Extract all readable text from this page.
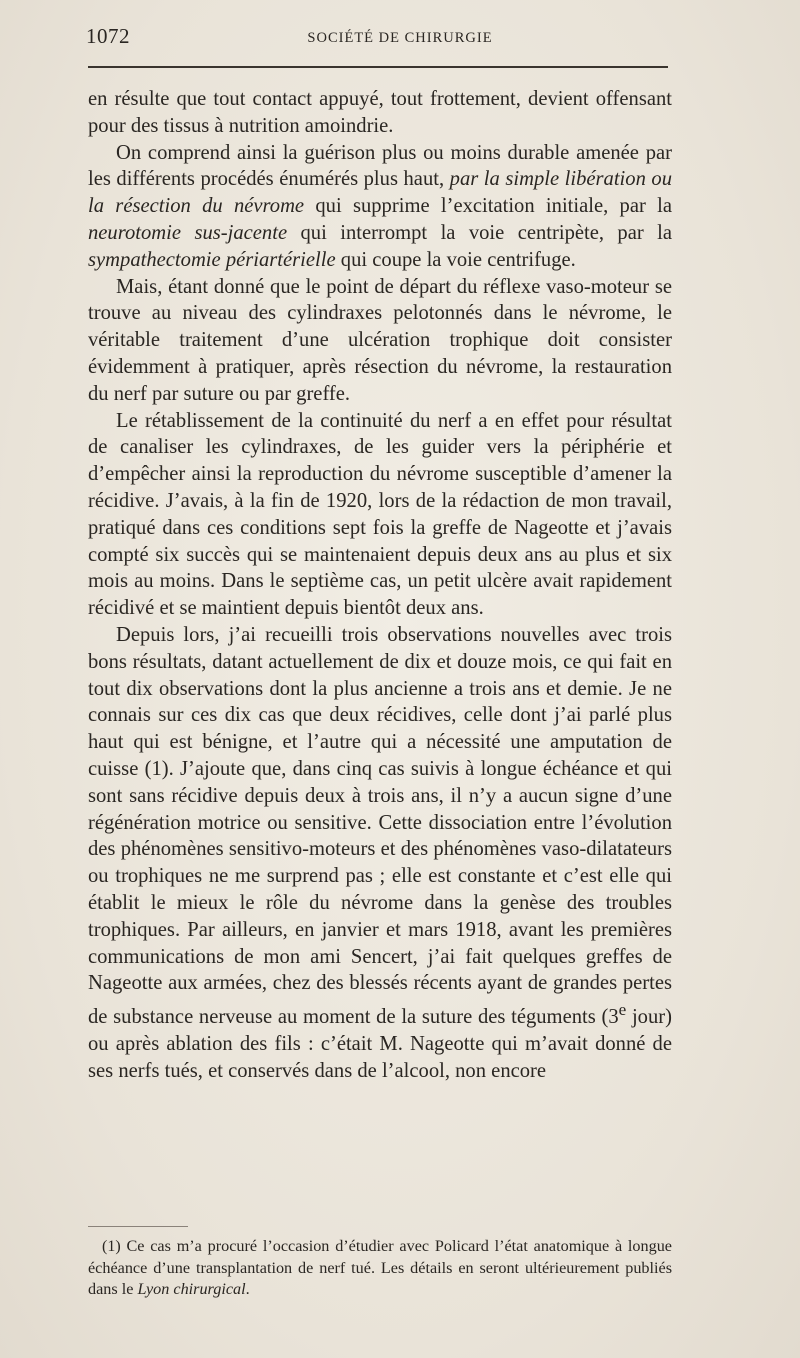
1072	SOCIÉTÉ DE CHIRURGIE

en résulte que tout contact appuyé, tout frottement, devient offensant pour des tissus à nutrition amoindrie.

On comprend ainsi la guérison plus ou moins durable amenée par les différents procédés énumérés plus haut, par la simple libération ou la résection du névrome qui supprime l’excitation initiale, par la neurotomie sus-jacente qui interrompt la voie centripète, par la sympathectomie périartérielle qui coupe la voie centrifuge.

Mais, étant donné que le point de départ du réflexe vaso-moteur se trouve au niveau des cylindraxes pelotonnés dans le névrome, le véritable traitement d’une ulcération trophique doit consister évidemment à pratiquer, après résection du névrome, la restauration du nerf par suture ou par greffe.

Le rétablissement de la continuité du nerf a en effet pour résultat de canaliser les cylindraxes, de les guider vers la périphérie et d’empêcher ainsi la reproduction du névrome susceptible d’amener la récidive. J’avais, à la fin de 1920, lors de la rédaction de mon travail, pratiqué dans ces conditions sept fois la greffe de Nageotte et j’avais compté six succès qui se maintenaient depuis deux ans au plus et six mois au moins. Dans le septième cas, un petit ulcère avait rapidement récidivé et se maintient depuis bientôt deux ans.

Depuis lors, j’ai recueilli trois observations nouvelles avec trois bons résultats, datant actuellement de dix et douze mois, ce qui fait en tout dix observations dont la plus ancienne a trois ans et demie. Je ne connais sur ces dix cas que deux récidives, celle dont j’ai parlé plus haut qui est bénigne, et l’autre qui a nécessité une amputation de cuisse (1). J’ajoute que, dans cinq cas suivis à longue échéance et qui sont sans récidive depuis deux à trois ans, il n’y a aucun signe d’une régénération motrice ou sensitive. Cette dissociation entre l’évolution des phénomènes sensitivo-moteurs et des phénomènes vaso-dilatateurs ou trophiques ne me surprend pas ; elle est constante et c’est elle qui établit le mieux le rôle du névrome dans la genèse des troubles trophiques. Par ailleurs, en janvier et mars 1918, avant les premières communications de mon ami Sencert, j’ai fait quelques greffes de Nageotte aux armées, chez des blessés récents ayant de grandes pertes de substance nerveuse au moment de la suture des téguments (3e jour) ou après ablation des fils : c’était M. Nageotte qui m’avait donné de ses nerfs tués, et conservés dans de l’alcool, non encore

(1) Ce cas m’a procuré l’occasion d’étudier avec Policard l’état anatomique à longue échéance d’une transplantation de nerf tué. Les détails en seront ultérieurement publiés dans le Lyon chirurgical.
